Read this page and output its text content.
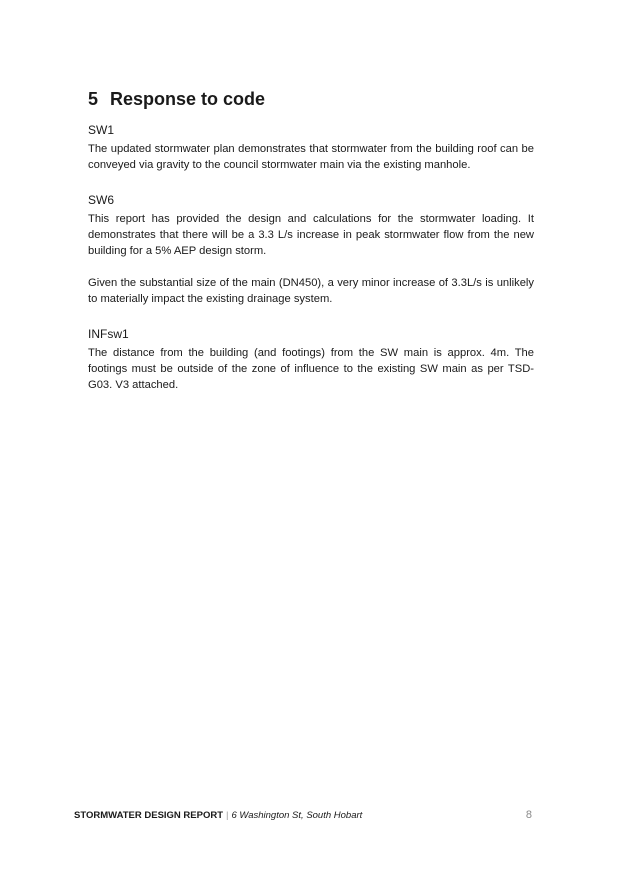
5 Response to code

SW1

The updated stormwater plan demonstrates that stormwater from the building roof can be conveyed via gravity to the council stormwater main via the existing manhole.

SW6

This report has provided the design and calculations for the stormwater loading. It demonstrates that there will be a 3.3 L/s increase in peak stormwater flow from the new building for a 5% AEP design storm.

Given the substantial size of the main (DN450), a very minor increase of 3.3L/s is unlikely to materially impact the existing drainage system.

INFsw1

The distance from the building (and footings) from the SW main is approx. 4m. The footings must be outside of the zone of influence to the existing SW main as per TSD-G03. V3 attached.

STORMWATER DESIGN REPORT | 6 Washington St, South Hobart	8
